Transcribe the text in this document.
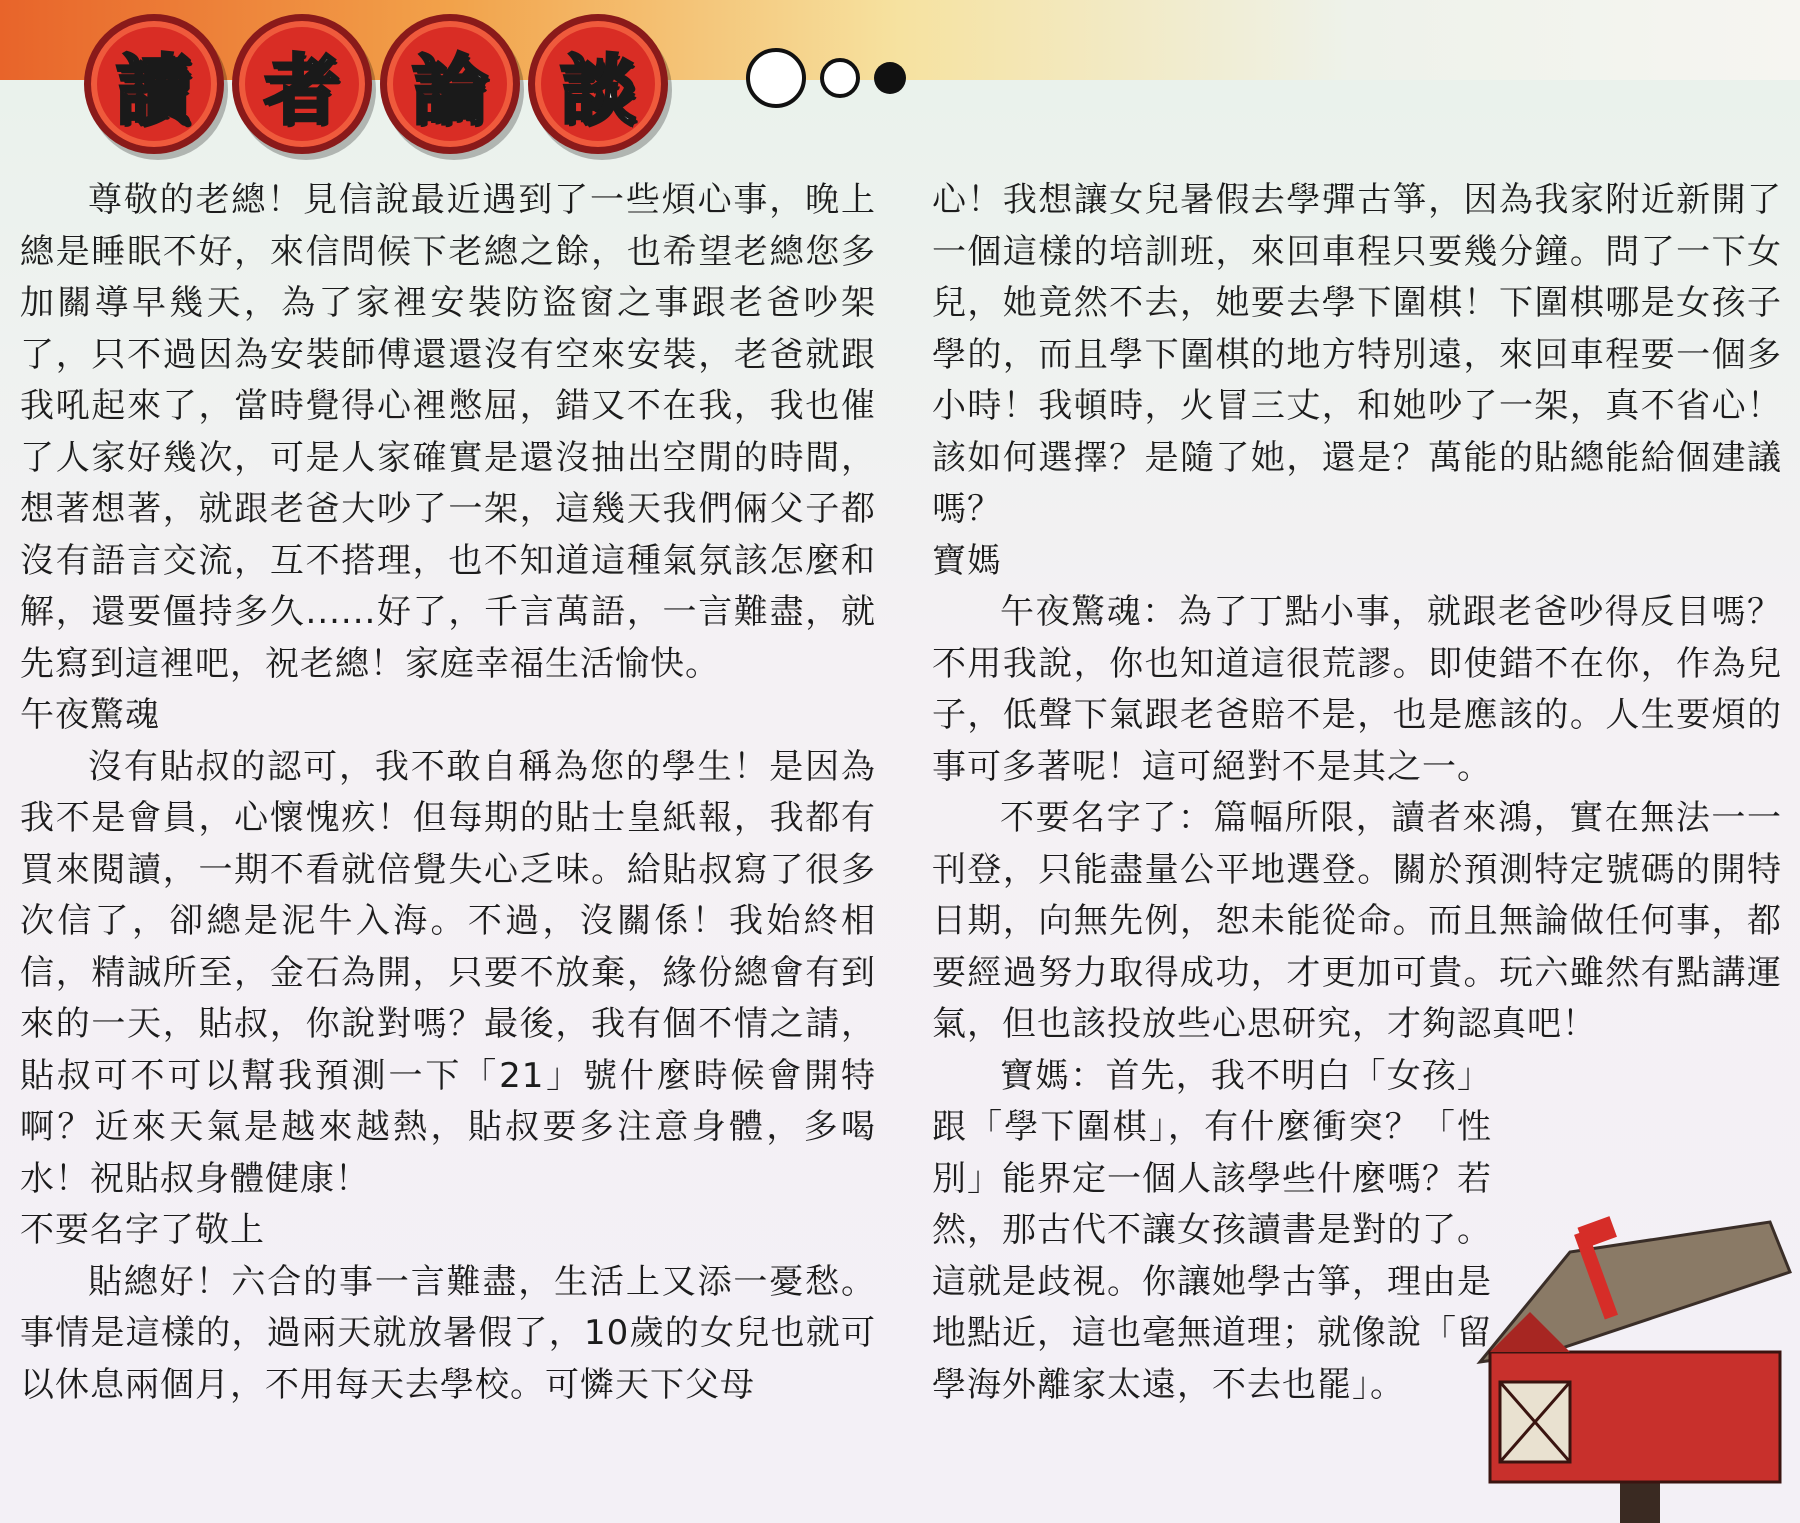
讀 者 論 談

尊敬的老總！見信說最近遇到了一些煩心事，晚上總是睡眠不好，來信問候下老總之餘，也希望老總您多加關導早幾天，為了家裡安裝防盜窗之事跟老爸吵架了，只不過因為安裝師傅還還沒有空來安裝，老爸就跟我吼起來了，當時覺得心裡憋屈，錯又不在我，我也催了人家好幾次，可是人家確實是還沒抽出空閒的時間，想著想著，就跟老爸大吵了一架，這幾天我們倆父子都沒有語言交流，互不搭理，也不知道這種氣氛該怎麼和解，還要僵持多久......好了，千言萬語，一言難盡，就先寫到這裡吧，祝老總！家庭幸福生活愉快。

午夜驚魂

沒有貼叔的認可，我不敢自稱為您的學生！是因為我不是會員，心懷愧疚！但每期的貼士皇紙報，我都有買來閱讀，一期不看就倍覺失心乏味。給貼叔寫了很多次信了，卻總是泥牛入海。不過，沒關係！我始終相信，精誠所至，金石為開，只要不放棄，緣份總會有到來的一天，貼叔，你說對嗎？最後，我有個不情之請，貼叔可不可以幫我預測一下「21」號什麼時候會開特啊？近來天氣是越來越熱，貼叔要多注意身體，多喝水！祝貼叔身體健康！

不要名字了敬上

貼總好！六合的事一言難盡，生活上又添一憂愁。事情是這樣的，過兩天就放暑假了，10歲的女兒也就可以休息兩個月，不用每天去學校。可憐天下父母

心！我想讓女兒暑假去學彈古箏，因為我家附近新開了一個這樣的培訓班，來回車程只要幾分鐘。問了一下女兒，她竟然不去，她要去學下圍棋！下圍棋哪是女孩子學的，而且學下圍棋的地方特別遠，來回車程要一個多小時！我頓時，火冒三丈，和她吵了一架，真不省心！該如何選擇？是隨了她，還是？萬能的貼總能給個建議嗎？

寶媽

午夜驚魂：為了丁點小事，就跟老爸吵得反目嗎？不用我說，你也知道這很荒謬。即使錯不在你，作為兒子，低聲下氣跟老爸賠不是，也是應該的。人生要煩的事可多著呢！這可絕對不是其之一。

不要名字了：篇幅所限，讀者來鴻，實在無法一一刊登，只能盡量公平地選登。關於預測特定號碼的開特日期，向無先例，恕未能從命。而且無論做任何事，都要經過努力取得成功，才更加可貴。玩六雖然有點講運氣，但也該投放些心思研究，才夠認真吧！

寶媽：首先，我不明白「女孩」跟「學下圍棋」，有什麼衝突？「性別」能界定一個人該學些什麼嗎？若然，那古代不讓女孩讀書是對的了。這就是歧視。你讓她學古箏，理由是地點近，這也毫無道理；就像說「留學海外離家太遠，不去也罷」。
